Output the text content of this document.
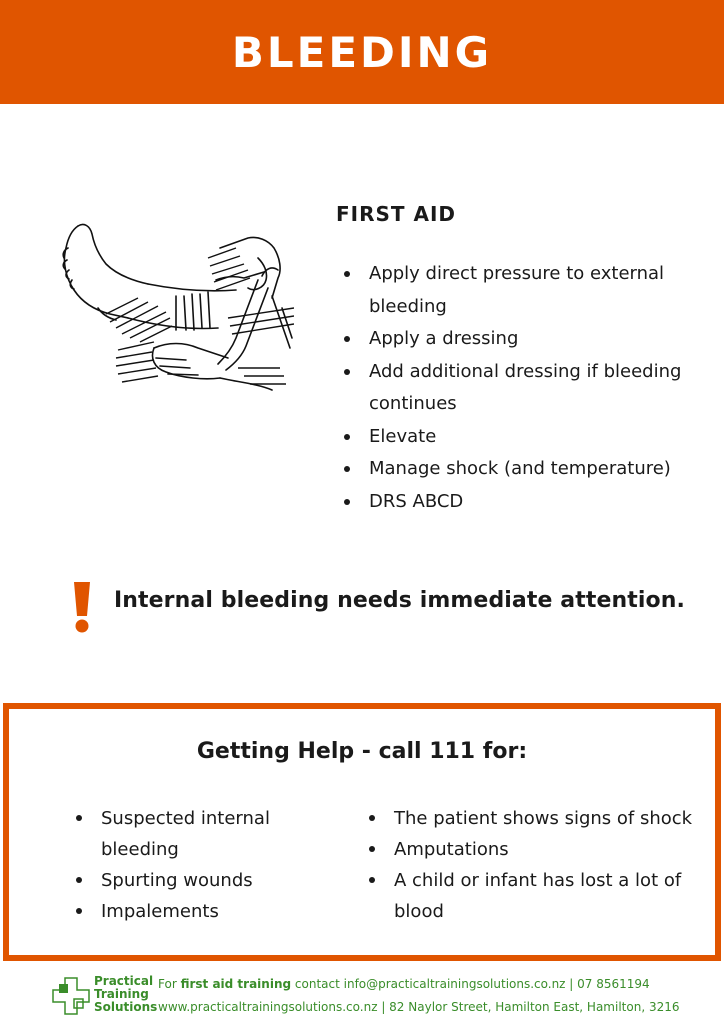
BLEEDING
FIRST AID
Apply direct pressure to external bleeding
Apply a dressing
Add additional dressing if bleeding continues
Elevate
Manage shock (and temperature)
DRS ABCD
Internal bleeding needs immediate attention.
Getting Help - call 111 for:
Suspected internal bleeding
Spurting wounds
Impalements
The patient shows signs of shock
Amputations
A child or infant has lost a lot of blood
Practical
Training
Solutions
For first aid training contact info@practicaltrainingsolutions.co.nz | 07 8561194
www.practicaltrainingsolutions.co.nz | 82 Naylor Street, Hamilton East, Hamilton, 3216
